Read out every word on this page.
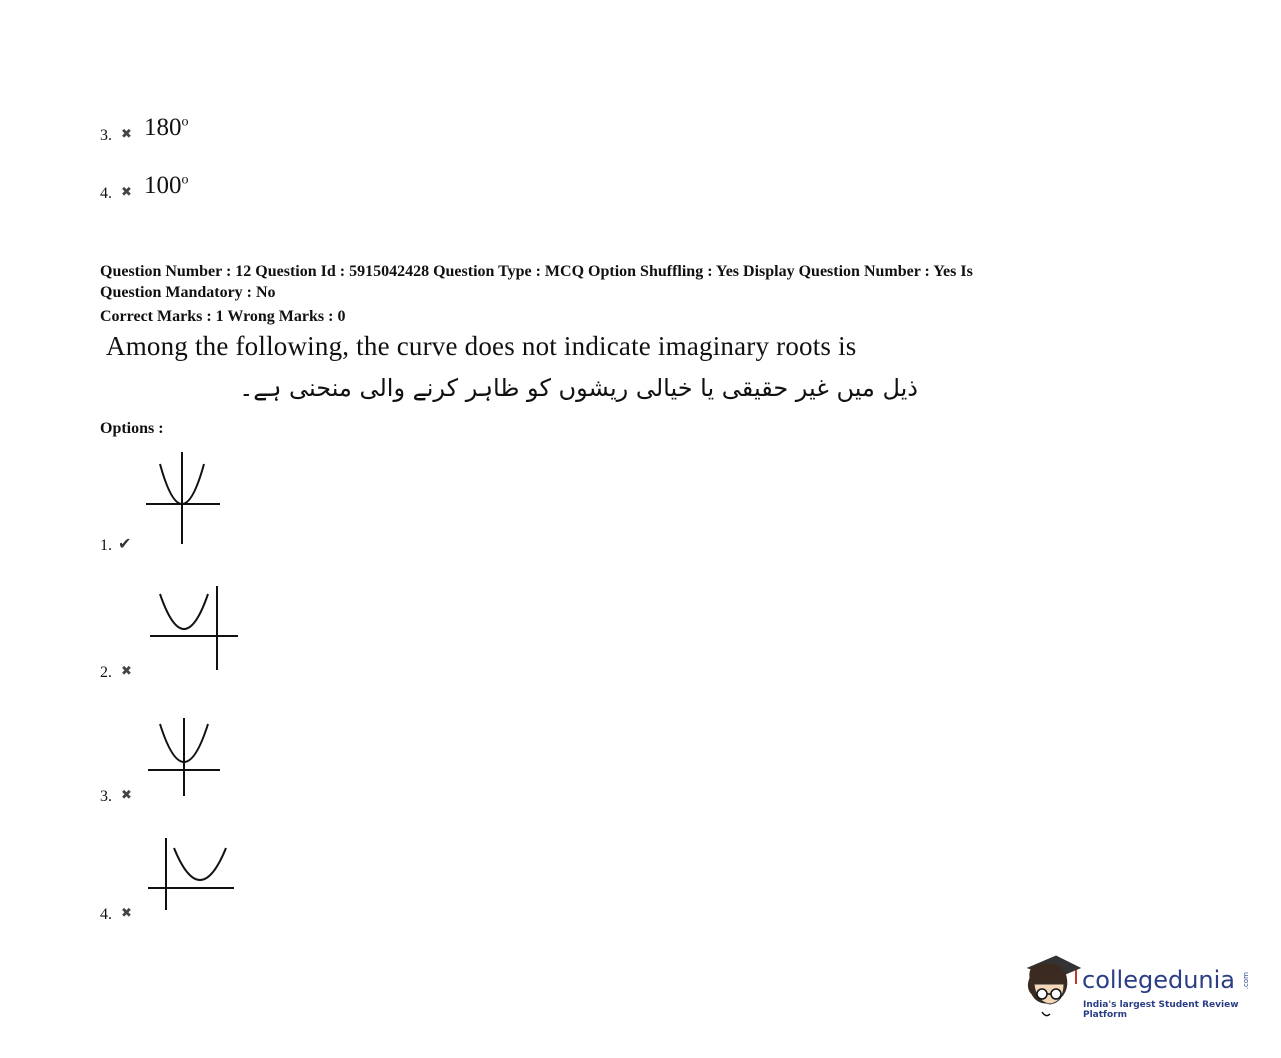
3. ✖ 180$^o$
4. ✖ 100$^o$
Question Number : 12 Question Id : 5915042428 Question Type : MCQ Option Shuffling : Yes Display Question Number : Yes Is
Question Mandatory : No
Correct Marks : 1 Wrong Marks : 0
Among the following, the curve does not indicate imaginary roots is
ذیل میں غیر حقیقی یا خیالی ریشوں کو ظاہر کرنے والی منحنی ہے۔
Options :
1. ✔
2. ✖
3. ✖
4. ✖
collegedunia .com
India's largest Student Review Platform
